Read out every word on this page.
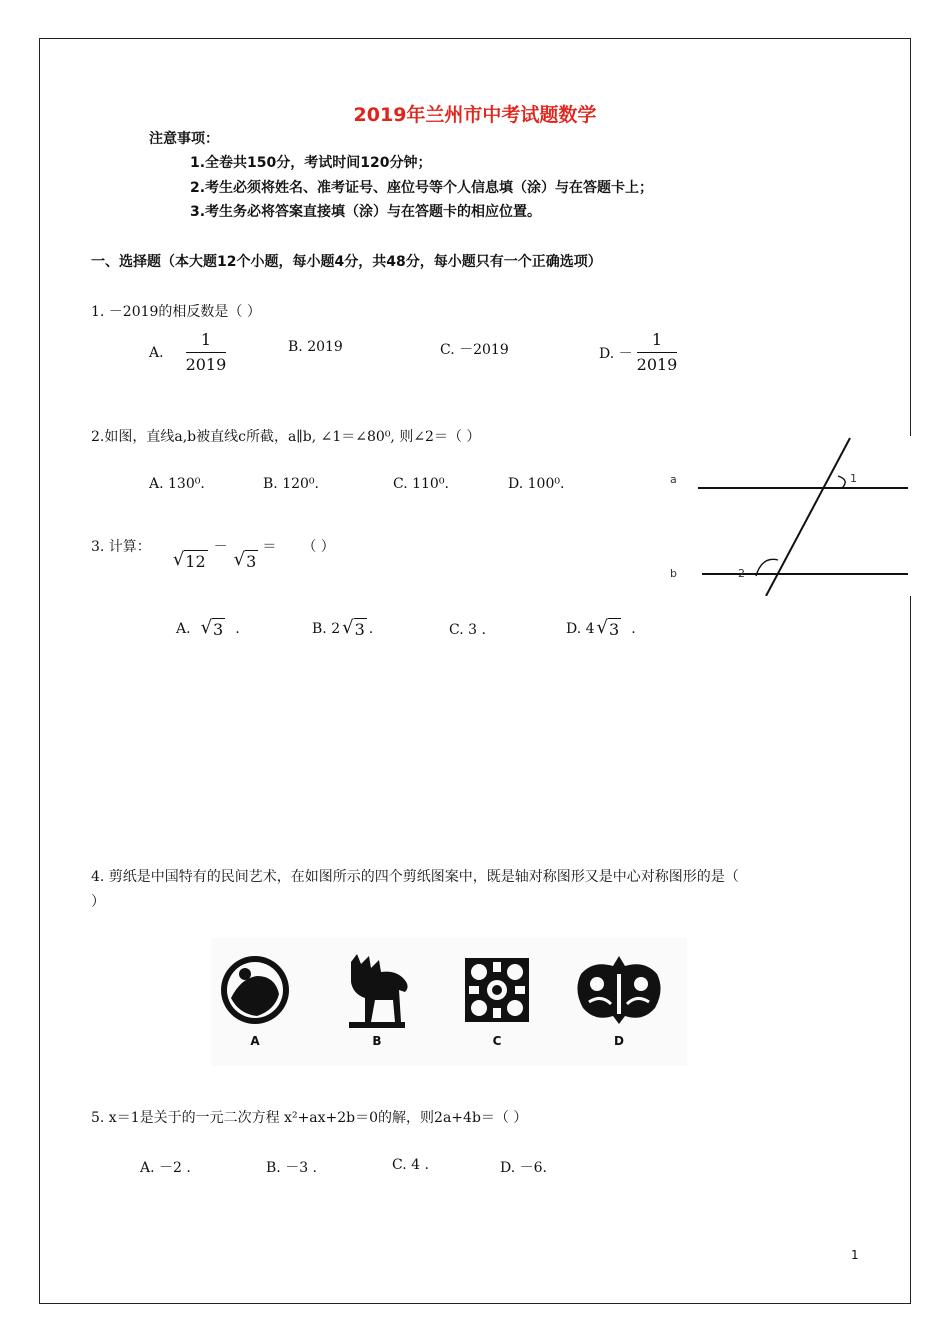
2019年兰州市中考试题数学
注意事项：
1.全卷共150分，考试时间120分钟；
2.考生必须将姓名、准考证号、座位号等个人信息填（涂）与在答题卡上；
3.考生务必将答案直接填（涂）与在答题卡的相应位置。
一、选择题（本大题12个小题，每小题4分，共48分，每小题只有一个正确选项）
1. －2019的相反数是（ ）
A. $\frac{1}{2019}$	B. 2019	C. －2019	D. － $\frac{1}{2019}$
2.如图，直线a,b被直线c所截，a∥b, ∠1＝∠80⁰, 则∠2＝（ ）
A. 130⁰.	B. 120⁰.	C. 110⁰.	D. 100⁰.	a
b
1
2
3. 计算：
√ 12
－
√ 3
＝ （ ）
A. √ 3 .	B. 2 √ 3 .	C. 3 .	D. 4 √ 3 .
4. 剪纸是中国特有的民间艺术，在如图所示的四个剪纸图案中，既是轴对称图形又是中心对称图形的是（
）
A	B	C	D
5. x＝1是关于的一元二次方程 x²+ax+2b＝0的解，则2a+4b＝（ ）
A. －2 .	B. －3 .	C. 4 .	D. －6.
1
